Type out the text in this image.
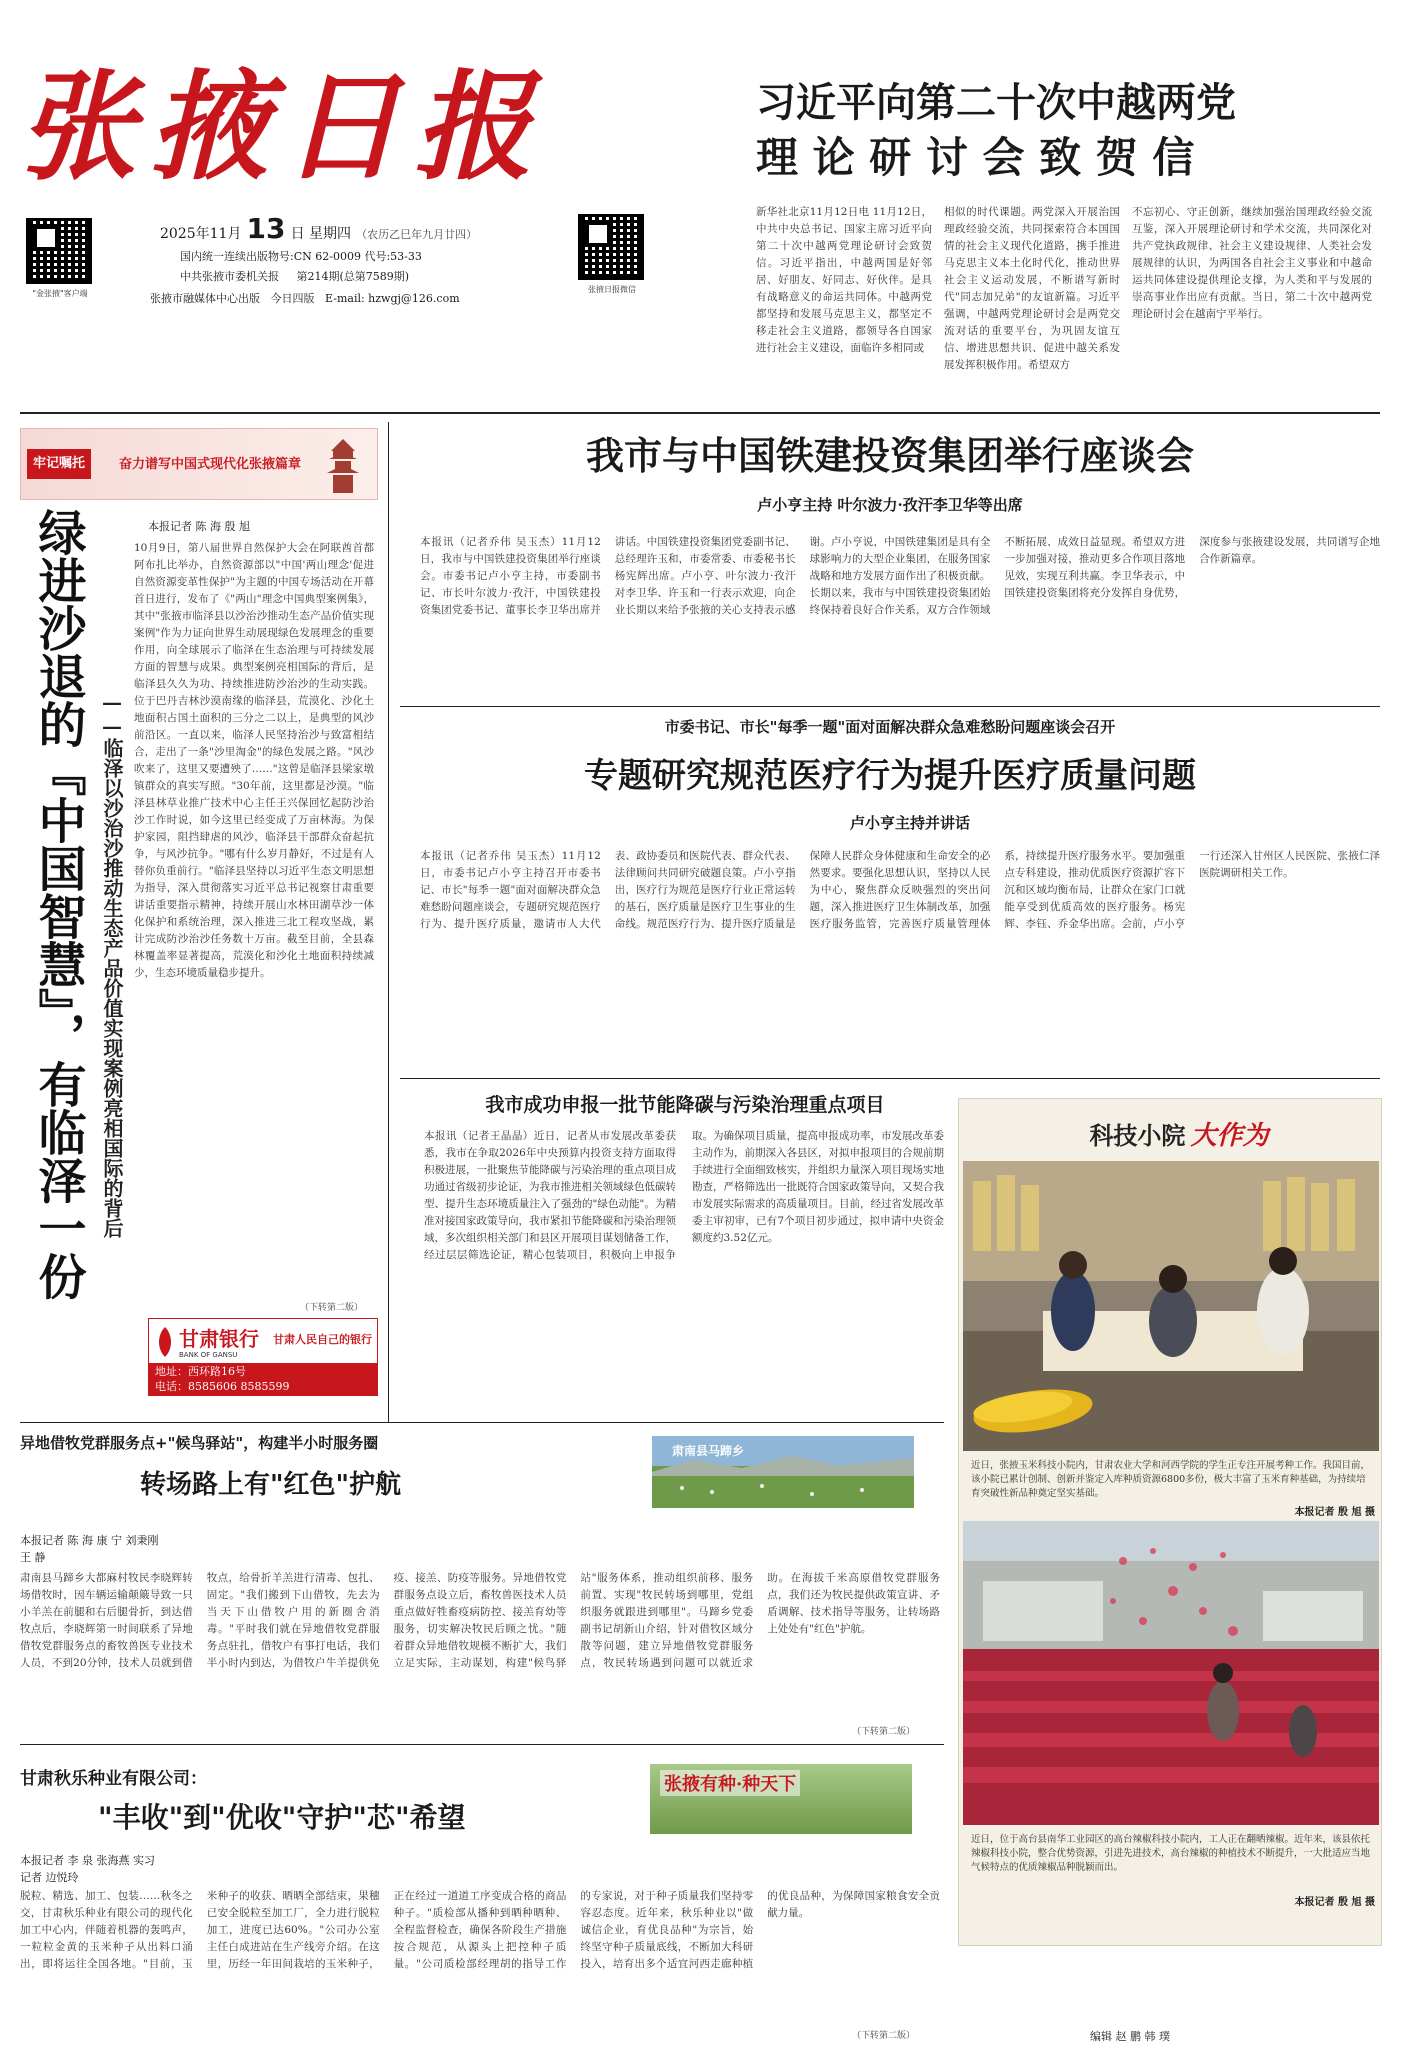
张掖日报
"金张掖"客户端
2025年11月 13 日 星期四 （农历乙巳年九月廿四）
国内统一连续出版物号:CN 62-0009 代号:53-33
中共张掖市委机关报 第214期(总第7589期)
张掖市融媒体中心出版 今日四版 E-mail: hzwgj@126.com
张掖日报微信
习近平向第二十次中越两党
理 论 研 讨 会 致 贺 信
新华社北京11月12日电 11月12日，中共中央总书记、国家主席习近平向第二十次中越两党理论研讨会致贺信。习近平指出，中越两国是好邻居、好朋友、好同志、好伙伴。是具有战略意义的命运共同体。中越两党都坚持和发展马克思主义，都坚定不移走社会主义道路，都领导各自国家进行社会主义建设，面临许多相同或
相似的时代课题。两党深入开展治国理政经验交流，共同探索符合本国国情的社会主义现代化道路，携手推进马克思主义本土化时代化，推动世界社会主义运动发展，不断谱写新时代"同志加兄弟"的友谊新篇。习近平强调，中越两党理论研讨会是两党交流对话的重要平台，为巩固友谊互信、增进思想共识、促进中越关系发展发挥积极作用。希望双方
不忘初心、守正创新，继续加强治国理政经验交流互鉴，深入开展理论研讨和学术交流，共同深化对共产党执政规律、社会主义建设规律、人类社会发展规律的认识，为两国各自社会主义事业和中越命运共同体建设提供理论支撑，为人类和平与发展的崇高事业作出应有贡献。当日，第二十次中越两党理论研讨会在越南宁平举行。
牢记嘱托	奋力谱写中国式现代化张掖篇章
绿进沙退的『中国智慧』，有临泽一份 ——临泽以沙治沙推动生态产品价值实现案例亮相国际的背后
本报记者 陈 海 殷 旭
10月9日，第八届世界自然保护大会在阿联酋首都阿布扎比举办，自然资源部以"中国'两山理念'促进自然资源变革性保护"为主题的中国专场活动在开幕首日进行，发布了《"两山"理念中国典型案例集》，其中"张掖市临泽县以沙治沙推动生态产品价值实现案例"作为力证向世界生动展现绿色发展理念的重要作用，向全球展示了临泽在生态治理与可持续发展方面的智慧与成果。典型案例亮相国际的背后，是临泽县久久为功、持续推进防沙治沙的生动实践。位于巴丹吉林沙漠南缘的临泽县，荒漠化、沙化土地面积占国土面积的三分之二以上，是典型的风沙前沿区。一直以来，临泽人民坚持治沙与致富相结合，走出了一条"沙里淘金"的绿色发展之路。"风沙吹来了，这里又要遭殃了……"这曾是临泽县梁家墩镇群众的真实写照。"30年前，这里都是沙漠。"临泽县林草业推广技术中心主任王兴保回忆起防沙治沙工作时说，如今这里已经变成了万亩林海。为保护家园，阻挡肆虐的风沙，临泽县干部群众奋起抗争，与风沙抗争。"哪有什么岁月静好，不过是有人替你负重前行。"临泽县坚持以习近平生态文明思想为指导，深入贯彻落实习近平总书记视察甘肃重要讲话重要指示精神，持续开展山水林田湖草沙一体化保护和系统治理，深入推进三北工程攻坚战，累计完成防沙治沙任务数十万亩。截至目前，全县森林覆盖率显著提高，荒漠化和沙化土地面积持续减少，生态环境质量稳步提升。
（下转第二版）
甘肃银行
BANK OF GANSU
甘肃人民自己的银行
地址：西环路16号
电话：8585606 8585599
我市与中国铁建投资集团举行座谈会
卢小亨主持 叶尔波力·孜汗李卫华等出席
本报讯（记者乔伟 吴玉杰）11月12日，我市与中国铁建投资集团举行座谈会。市委书记卢小亨主持，市委副书记、市长叶尔波力·孜汗，中国铁建投资集团党委书记、董事长李卫华出席并讲话。中国铁建投资集团党委副书记、总经理许玉和，市委常委、市委秘书长杨宪辉出席。卢小亨、叶尔波力·孜汗对李卫华、许玉和一行表示欢迎，向企业长期以来给予张掖的关心支持表示感谢。卢小亨说，中国铁建集团是具有全球影响力的大型企业集团，在服务国家战略和地方发展方面作出了积极贡献。长期以来，我市与中国铁建投资集团始终保持着良好合作关系，双方合作领域不断拓展、成效日益显现。希望双方进一步加强对接，推动更多合作项目落地见效，实现互利共赢。李卫华表示，中国铁建投资集团将充分发挥自身优势，深度参与张掖建设发展，共同谱写企地合作新篇章。
市委书记、市长"每季一题"面对面解决群众急难愁盼问题座谈会召开
专题研究规范医疗行为提升医疗质量问题
卢小亨主持并讲话
本报讯（记者乔伟 吴玉杰）11月12日，市委书记卢小亨主持召开市委书记、市长"每季一题"面对面解决群众急难愁盼问题座谈会，专题研究规范医疗行为、提升医疗质量，邀请市人大代表、政协委员和医院代表、群众代表、法律顾问共同研究破题良策。卢小亨指出，医疗行为规范是医疗行业正常运转的基石，医疗质量是医疗卫生事业的生命线。规范医疗行为、提升医疗质量是保障人民群众身体健康和生命安全的必然要求。要强化思想认识，坚持以人民为中心，聚焦群众反映强烈的突出问题，深入推进医疗卫生体制改革，加强医疗服务监管，完善医疗质量管理体系，持续提升医疗服务水平。要加强重点专科建设，推动优质医疗资源扩容下沉和区域均衡布局，让群众在家门口就能享受到优质高效的医疗服务。杨宪辉、李钰、乔金华出席。会前，卢小亨一行还深入甘州区人民医院、张掖仁泽医院调研相关工作。
我市成功申报一批节能降碳与污染治理重点项目
本报讯（记者王晶晶）近日，记者从市发展改革委获悉，我市在争取2026年中央预算内投资支持方面取得积极进展，一批聚焦节能降碳与污染治理的重点项目成功通过省级初步论证，为我市推进相关领域绿色低碳转型、提升生态环境质量注入了强劲的"绿色动能"。为精准对接国家政策导向，我市紧扣节能降碳和污染治理领域，多次组织相关部门和县区开展项目谋划储备工作，经过层层筛选论证，精心包装项目，积极向上申报争取。为确保项目质量，提高申报成功率，市发展改革委主动作为，前期深入各县区，对拟申报项目的合规前期手续进行全面细致核实，并组织力量深入项目现场实地勘查，严格筛选出一批既符合国家政策导向，又契合我市发展实际需求的高质量项目。目前，经过省发展改革委主审初审，已有7个项目初步通过，拟申请中央资金额度约3.52亿元。
科技小院 大作为
近日，张掖玉米科技小院内，甘肃农业大学和河西学院的学生正专注开展考种工作。我国目前，该小院已累计创制、创新并鉴定入库种质资源6800多份，极大丰富了玉米育种基础，为持续培育突破性新品种奠定坚实基础。
本报记者 殷 旭 摄
近日，位于高台县南华工业园区的高台辣椒科技小院内，工人正在翻晒辣椒。近年来，该县依托辣椒科技小院，整合优势资源，引进先进技术，高台辣椒的种植技术不断提升，一大批适应当地气候特点的优质辣椒品种脱颖而出。
本报记者 殷 旭 摄
异地借牧党群服务点+"候鸟驿站"，构建半小时服务圈
转场路上有"红色"护航
肃南县马蹄乡
本报记者 陈 海 康 宁 刘秉刚 王 静
肃南县马蹄乡大都麻村牧民李晓辉转场借牧时，因车辆运输颠簸导致一只小羊羔在前腿和右后腿骨折，到达借牧点后，李晓辉第一时间联系了异地借牧党群服务点的畜牧兽医专业技术人员，不到20分钟，技术人员就到借牧点，给骨折羊羔进行清毒、包扎、固定。"我们搬到下山借牧，先去为当天下山借牧户用的新圈舍消毒。"平时我们就在异地借牧党群服务点驻扎，借牧户有事打电话，我们半小时内到达，为借牧户牛羊提供免疫、接羔、防疫等服务。异地借牧党群服务点设立后，畜牧兽医技术人员重点做好牲畜疫病防控、接羔育幼等服务，切实解决牧民后顾之忧。"随着群众异地借牧规模不断扩大，我们立足实际，主动谋划，构建"候鸟驿站"服务体系，推动组织前移、服务前置、实现"牧民转场到哪里，党组织服务就跟进到哪里"。马蹄乡党委副书记胡新山介绍，针对借牧区域分散等问题，建立异地借牧党群服务点，牧民转场遇到问题可以就近求助。在海拔千米高原借牧党群服务点，我们还为牧民提供政策宣讲、矛盾调解、技术指导等服务，让转场路上处处有"红色"护航。
（下转第二版）
甘肃秋乐种业有限公司：
"丰收"到"优收"守护"芯"希望
张掖有种·种天下
本报记者 李 泉 张海燕 实习记者 边悦玲
脱粒、精选、加工、包装……秋冬之交，甘肃秋乐种业有限公司的现代化加工中心内，伴随着机器的轰鸣声，一粒粒金黄的玉米种子从出料口涌出，即将运往全国各地。"目前，玉米种子的收获、晒晒全部结束，果穗已安全脱粒至加工厂，全力进行脱粒加工，进度已达60%。"公司办公室主任白成进站在生产线旁介绍。在这里，历经一年田间栽培的玉米种子，正在经过一道道工序变成合格的商品种子。"质检部从播种到晒种晒种、全程监督检查，确保各阶段生产措施按合规范，从源头上把控种子质量。"公司质检部经理胡的指导工作的专家说，对于种子质量我们坚持零容忍态度。近年来，秋乐种业以"做诚信企业，育优良品种"为宗旨，始终坚守种子质量底线，不断加大科研投入，培育出多个适宜河西走廊种植的优良品种，为保障国家粮食安全贡献力量。
（下转第二版）	编辑 赵 鹏 韩 璞
